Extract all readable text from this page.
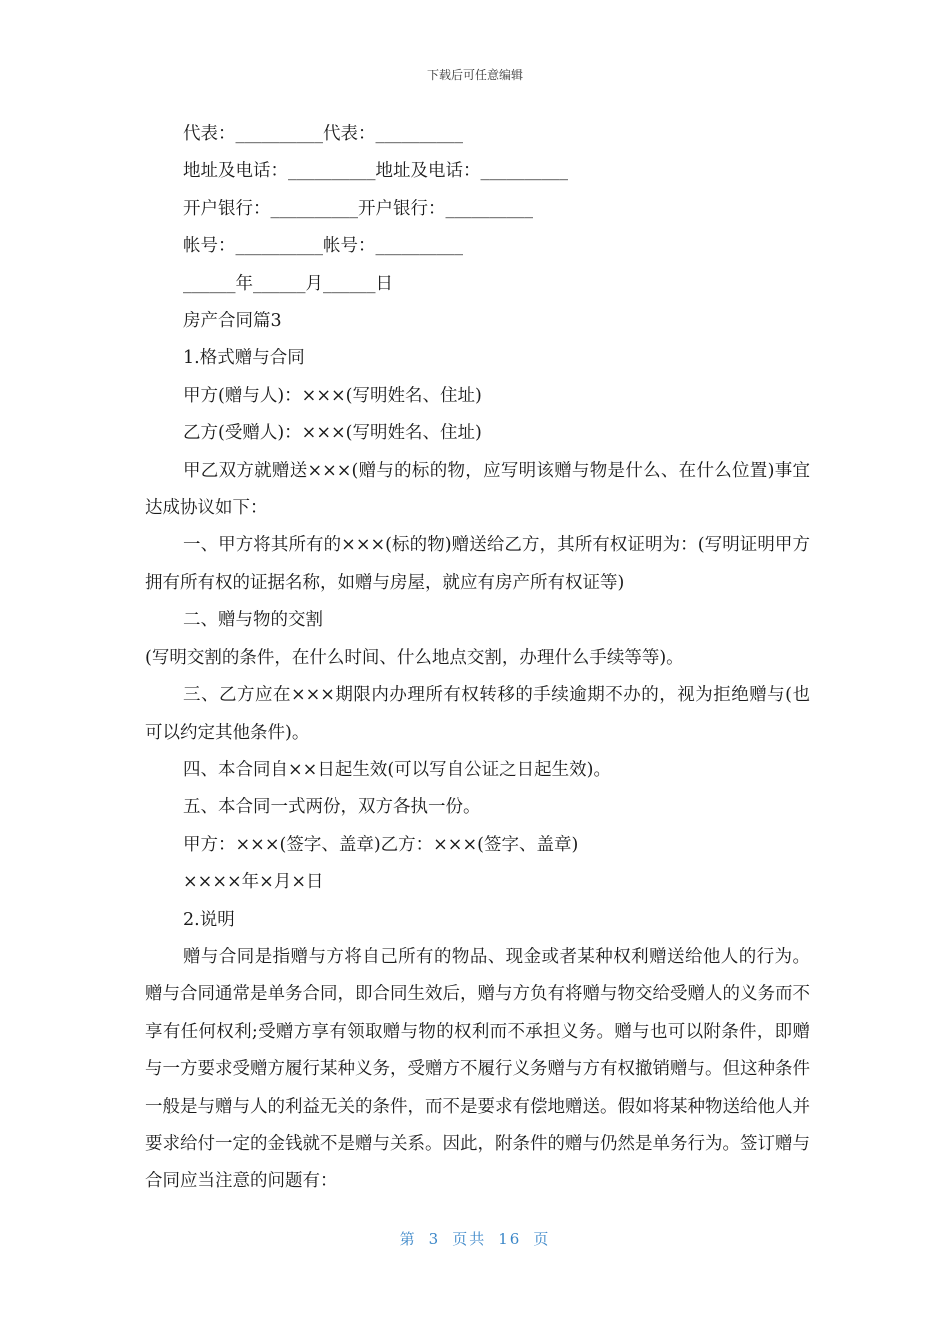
下载后可任意编辑
代表：__________代表：__________
地址及电话：__________地址及电话：__________
开户银行：__________开户银行：__________
帐号：__________帐号：__________
______年______月______日
房产合同篇3
1.格式赠与合同
甲方(赠与人)：×××(写明姓名、住址)
乙方(受赠人)：×××(写明姓名、住址)
甲乙双方就赠送×××(赠与的标的物，应写明该赠与物是什么、在什么位置)事宜达成协议如下：
一、甲方将其所有的×××(标的物)赠送给乙方，其所有权证明为：(写明证明甲方拥有所有权的证据名称，如赠与房屋，就应有房产所有权证等)
二、赠与物的交割
(写明交割的条件，在什么时间、什么地点交割，办理什么手续等等)。
三、乙方应在×××期限内办理所有权转移的手续逾期不办的，视为拒绝赠与(也可以约定其他条件)。
四、本合同自××日起生效(可以写自公证之日起生效)。
五、本合同一式两份，双方各执一份。
甲方：×××(签字、盖章)乙方：×××(签字、盖章)
××××年×月×日
2.说明
赠与合同是指赠与方将自己所有的物品、现金或者某种权利赠送给他人的行为。赠与合同通常是单务合同，即合同生效后，赠与方负有将赠与物交给受赠人的义务而不享有任何权利;受赠方享有领取赠与物的权利而不承担义务。赠与也可以附条件，即赠与一方要求受赠方履行某种义务，受赠方不履行义务赠与方有权撤销赠与。但这种条件一般是与赠与人的利益无关的条件，而不是要求有偿地赠送。假如将某种物送给他人并要求给付一定的金钱就不是赠与关系。因此，附条件的赠与仍然是单务行为。签订赠与合同应当注意的问题有：
第 3 页共 16 页
